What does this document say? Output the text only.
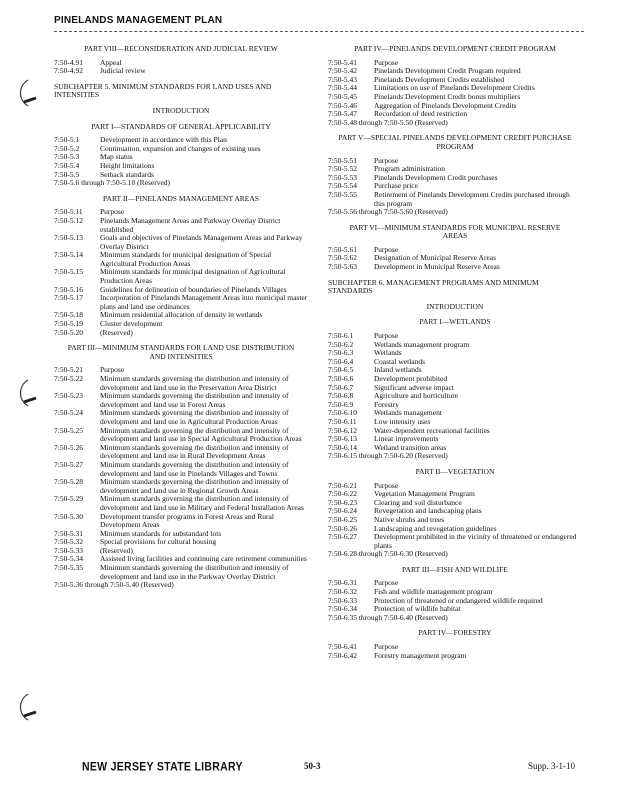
PINELANDS MANAGEMENT PLAN
PART VIII—RECONSIDERATION AND JUDICIAL REVIEW
7:50-4.91	Appeal
7:50-4.92	Judicial review
SUBCHAPTER 5. MINIMUM STANDARDS FOR LAND USES AND INTENSITIES
INTRODUCTION
PART I—STANDARDS OF GENERAL APPLICABILITY
7:50-5.1	Development in accordance with this Plan
7:50-5.2	Continuation, expansion and changes of existing uses
7:50-5.3	Map status
7:50-5.4	Height limitations
7:50-5.5	Setback standards
7:50-5.6 through 7:50-5.10 (Reserved)
PART II—PINELANDS MANAGEMENT AREAS
7:50-5.11	Purpose
7:50-5.12	Pinelands Management Areas and Parkway Overlay District established
7:50-5.13	Goals and objectives of Pinelands Management Areas and Parkway Overlay District
7:50-5.14	Minimum standards for municipal designation of Special Agricultural Production Areas
7:50-5.15	Minimum standards for municipal designation of Agricultural Production Areas
7:50-5.16	Guidelines for delineation of boundaries of Pinelands Villages
7:50-5.17	Incorporation of Pinelands Management Areas into municipal master plans and land use ordinances
7:50-5.18	Minimum residential allocation of density in wetlands
7:50-5.19	Cluster development
7:50-5.20	(Reserved)
PART III—MINIMUM STANDARDS FOR LAND USE DISTRIBUTION AND INTENSITIES
7:50-5.21	Purpose
7:50-5.22	Minimum standards governing the distribution and intensity of development and land use in the Preservation Area District
7:50-5.23	Minimum standards governing the distribution and intensity of development and land use in Forest Areas
7:50-5.24	Minimum standards governing the distribution and intensity of development and land use in Agricultural Production Areas
7:50-5.25	Minimum standards governing the distribution and intensity of development and land use in Special Agricultural Production Areas
7:50-5.26	Minimum standards governing the distribution and intensity of development and land use in Rural Development Areas
7:50-5.27	Minimum standards governing the distribution and intensity of development and land use in Pinelands Villages and Towns
7:50-5.28	Minimum standards governing the distribution and intensity of development and land use in Regional Growth Areas
7:50-5.29	Minimum standards governing the distribution and intensity of development and land use in Military and Federal Installation Areas
7:50-5.30	Development transfer programs in Forest Areas and Rural Development Areas
7:50-5.31	Minimum standards for substandard lots
7:50-5.32	Special provisions for cultural housing
7:50-5.33	(Reserved)
7:50-5.34	Assisted living facilities and continuing care retirement communities
7:50-5.35	Minimum standards governing the distribution and intensity of development and land use in the Parkway Overlay District
7:50-5.36 through 7:50-5.40 (Reserved)
PART IV—PINELANDS DEVELOPMENT CREDIT PROGRAM
7:50-5.41	Purpose
7:50-5.42	Pinelands Development Credit Program required
7:50-5.43	Pinelands Development Credits established
7:50-5.44	Limitations on use of Pinelands Development Credits
7:50-5.45	Pinelands Development Credit bonus multipliers
7:50-5.46	Aggregation of Pinelands Development Credits
7:50-5.47	Recordation of deed restriction
7:50-5.48 through 7:50-5.50 (Reserved)
PART V—SPECIAL PINELANDS DEVELOPMENT CREDIT PURCHASE PROGRAM
7:50-5.51	Purpose
7:50-5.52	Program administration
7:50-5.53	Pinelands Development Credit purchases
7:50-5.54	Purchase price
7:50-5.55	Retirement of Pinelands Development Credits purchased through this program
7:50-5.56 through 7:50-5.60 (Reserved)
PART VI—MINIMUM STANDARDS FOR MUNICIPAL RESERVE AREAS
7:50-5.61	Purpose
7:50-5.62	Designation of Municipal Reserve Areas
7:50-5.63	Development in Municipal Reserve Areas
SUBCHAPTER 6. MANAGEMENT PROGRAMS AND MINIMUM STANDARDS
INTRODUCTION
PART I—WETLANDS
7:50-6.1	Purpose
7:50-6.2	Wetlands management program
7:50-6.3	Wetlands
7:50-6.4	Coastal wetlands
7:50-6.5	Inland wetlands
7:50-6.6	Development prohibited
7:50-6.7	Significant adverse impact
7:50-6.8	Agriculture and horticulture
7:50-6.9	Forestry
7:50-6.10	Wetlands management
7:50-6.11	Low intensity uses
7:50-6.12	Water-dependent recreational facilities
7:50-6.13	Linear improvements
7:50-6.14	Wetland transition areas
7:50-6.15 through 7:50-6.20 (Reserved)
PART II—VEGETATION
7:50-6.21	Purpose
7:50-6.22	Vegetation Management Program
7:50-6.23	Clearing and soil disturbance
7:50-6.24	Revegetation and landscaping plans
7:50-6.25	Native shrubs and trees
7:50-6.26	Landscaping and revegetation guidelines
7:50-6.27	Development prohibited in the vicinity of threatened or endangered plants
7:50-6.28 through 7:50-6.30 (Reserved)
PART III—FISH AND WILDLIFE
7:50-6.31	Purpose
7:50-6.32	Fish and wildlife management program
7:50-6.33	Protection of threatened or endangered wildlife required
7:50-6.34	Protection of wildlife habitat
7:50-6.35 through 7:50-6.40 (Reserved)
PART IV—FORESTRY
7:50-6.41	Purpose
7:50-6.42	Forestry management program
NEW JERSEY STATE LIBRARY	50-3	Supp. 3-1-10
